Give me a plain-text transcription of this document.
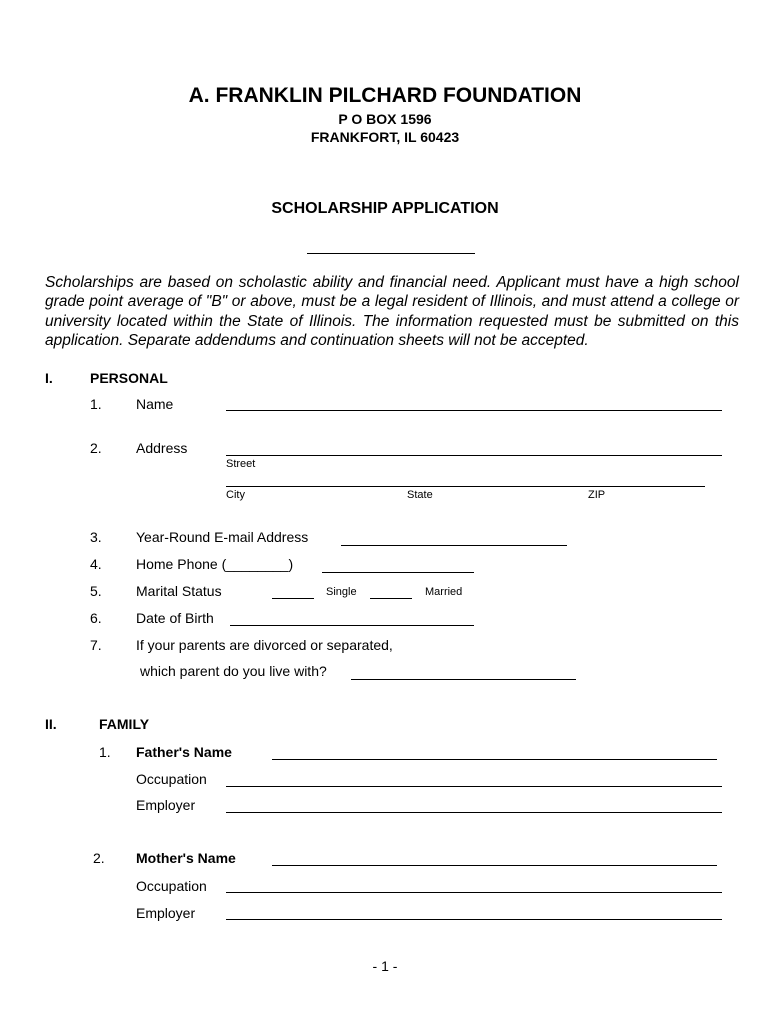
A. FRANKLIN PILCHARD FOUNDATION
P O BOX 1596
FRANKFORT, IL 60423
SCHOLARSHIP APPLICATION
Scholarships are based on scholastic ability and financial need. Applicant must have a high school grade point average of "B" or above, must be a legal resident of Illinois, and must attend a college or university located within the State of Illinois. The information requested must be submitted on this application. Separate addendums and continuation sheets will not be accepted.
I.	PERSONAL
1. Name
2. Address
Street
City	State	ZIP
3. Year-Round E-mail Address
4. Home Phone (________)
5. Marital Status	Single	Married
6. Date of Birth
7. If your parents are divorced or separated,
which parent do you live with?
II.	FAMILY
1. Father's Name
Occupation
Employer
2. Mother's Name
Occupation
Employer
- 1 -
